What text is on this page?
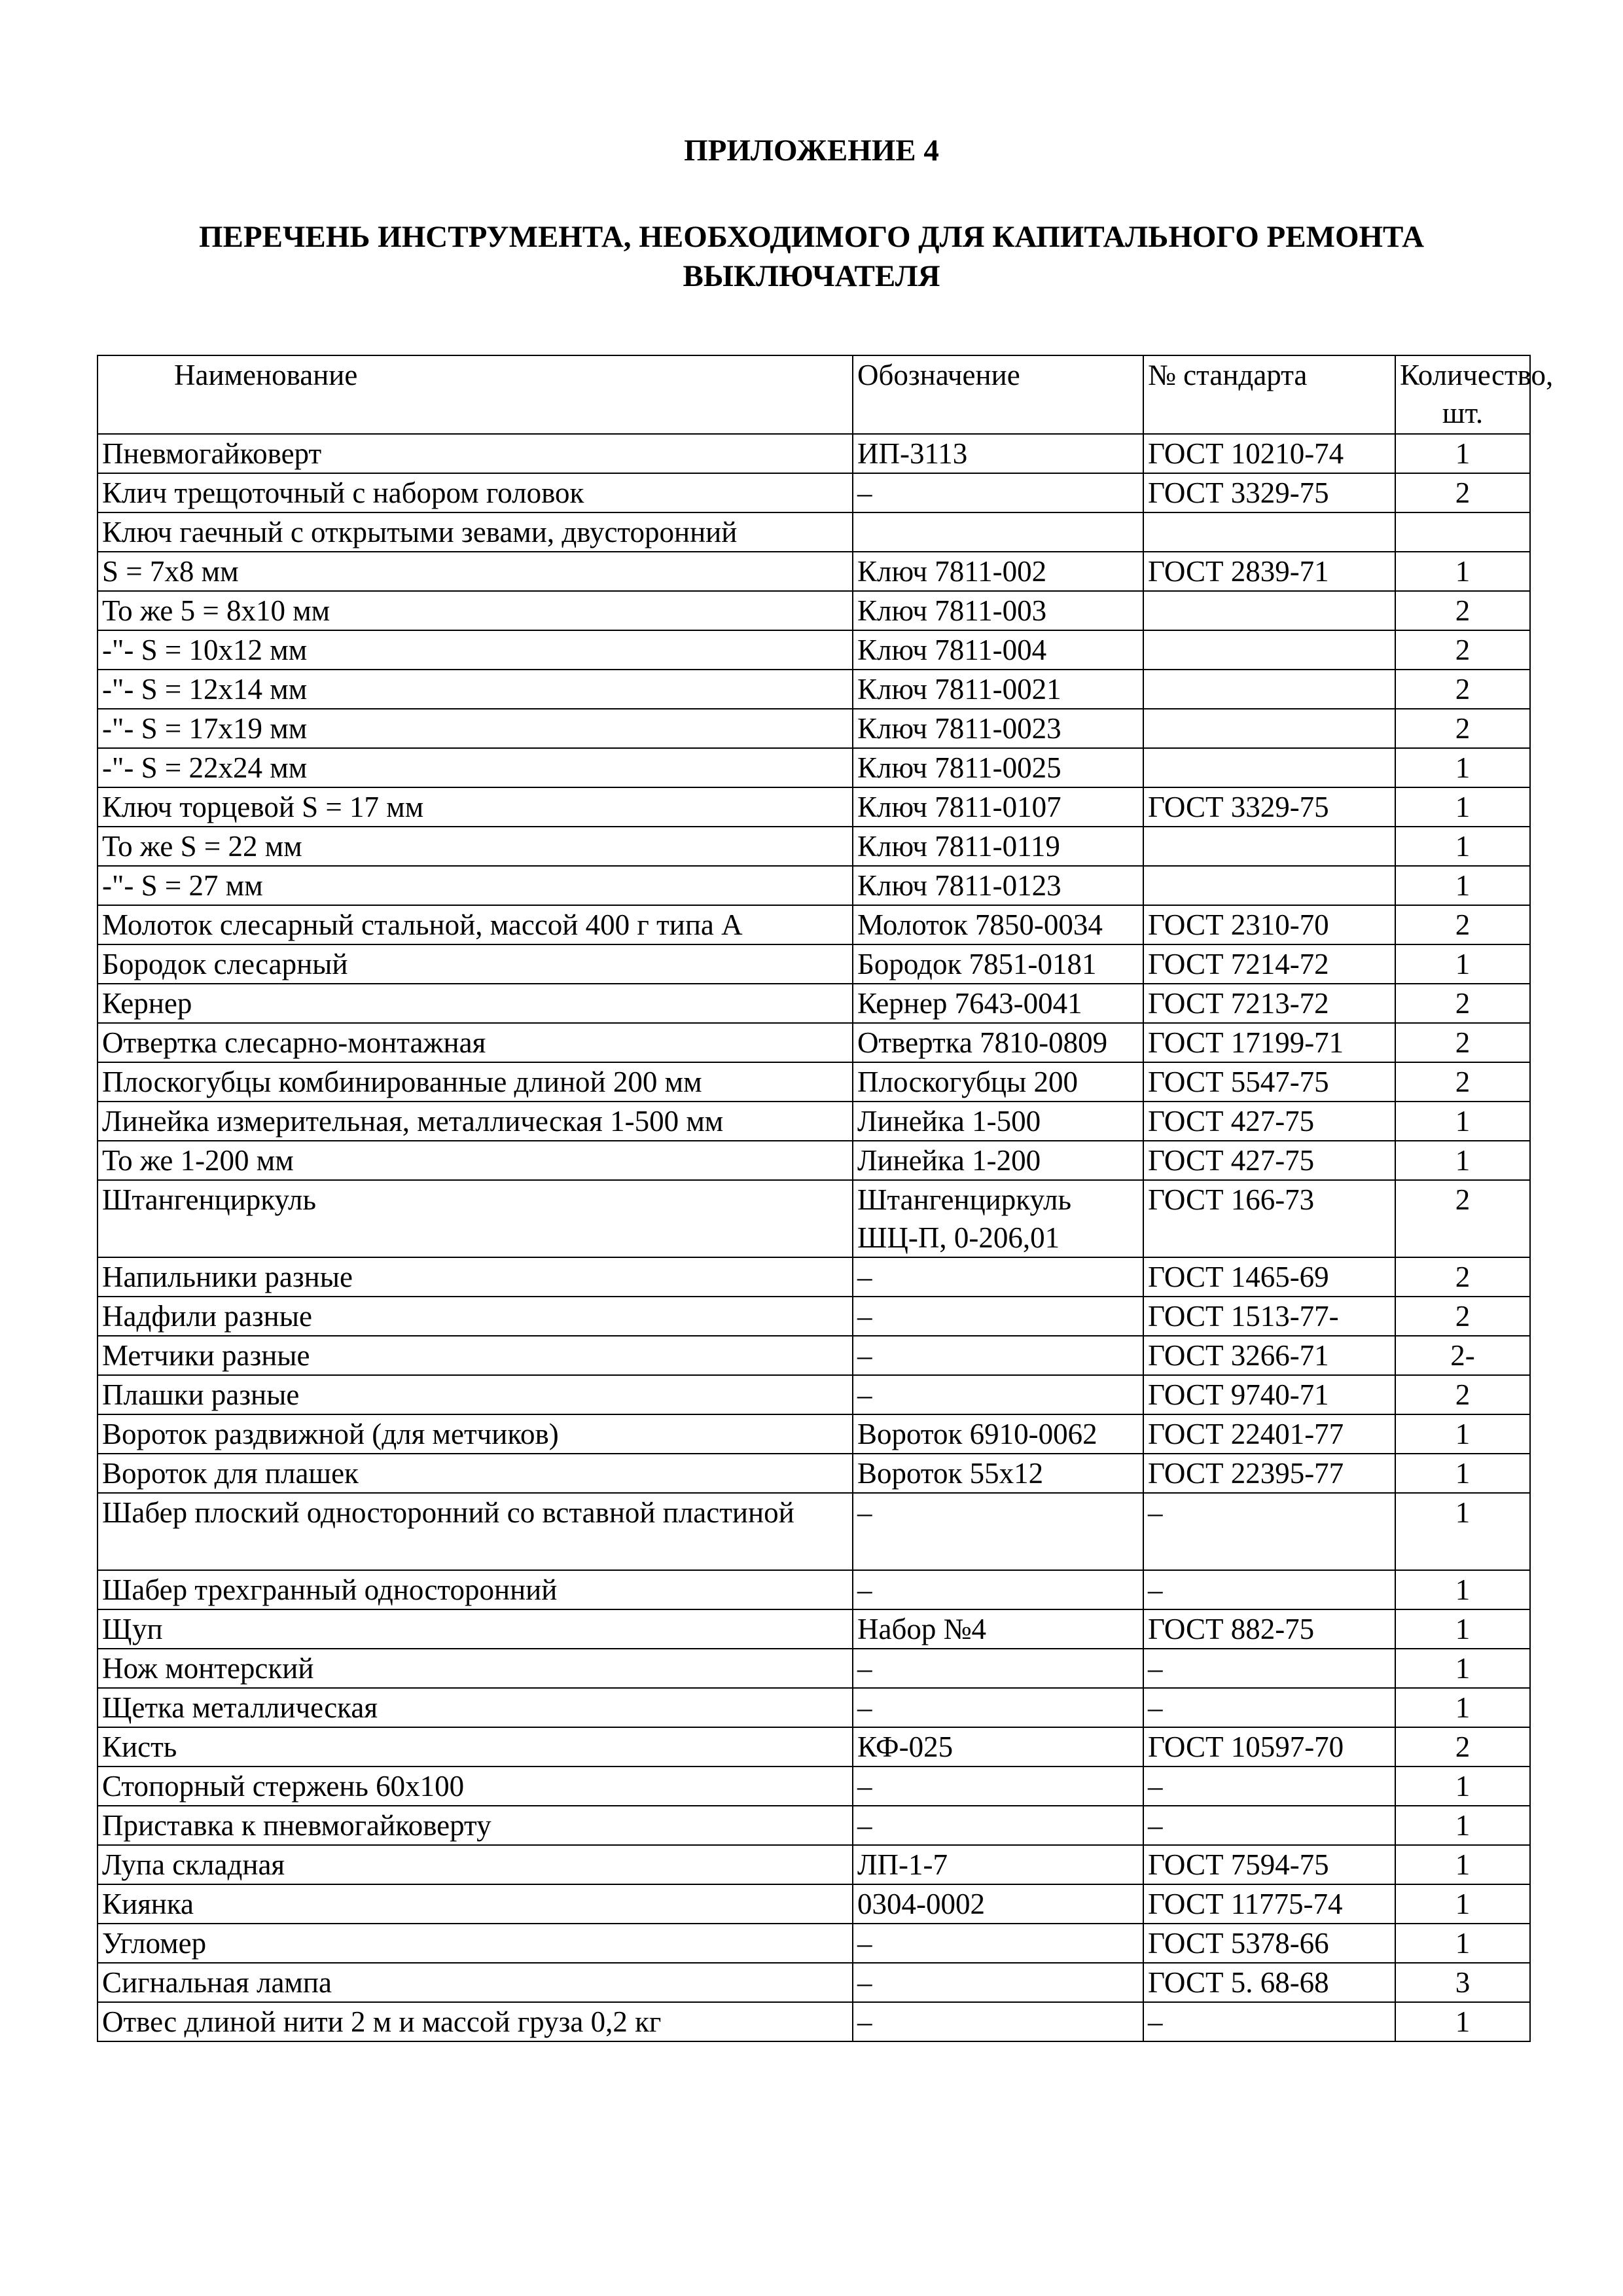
ПРИЛОЖЕНИЕ 4
ПЕРЕЧЕНЬ ИНСТРУМЕНТА, НЕОБХОДИМОГО ДЛЯ КАПИТАЛЬНОГО РЕМОНТА ВЫКЛЮЧАТЕЛЯ
Наименование	Обозначение	№ стандарта	Количество, шт.
Пневмогайковерт	ИП-3113	ГОСТ 10210-74	1
Клич трещоточный с набором головок	–	ГОСТ 3329-75	2
Ключ гаечный с открытыми зевами, двусторонний			
S = 7x8 мм	Ключ 7811-002	ГОСТ 2839-71	1
То же 5 = 8x10 мм	Ключ 7811-003		2
-"- S = 10x12 мм	Ключ 7811-004		2
-"- S = 12x14 мм	Ключ 7811-0021		2
-"- S = 17x19 мм	Ключ 7811-0023		2
-"- S = 22x24 мм	Ключ 7811-0025		1
Ключ торцевой S = 17 мм	Ключ 7811-0107	ГОСТ 3329-75	1
То же S = 22 мм	Ключ 7811-0119		1
-"- S = 27 мм	Ключ 7811-0123		1
Молоток слесарный стальной, массой 400 г типа А	Молоток 7850-0034	ГОСТ 2310-70	2
Бородок слесарный	Бородок 7851-0181	ГОСТ 7214-72	1
Кернер	Кернер 7643-0041	ГОСТ 7213-72	2
Отвертка слесарно-монтажная	Отвертка 7810-0809	ГОСТ 17199-71	2
Плоскогубцы комбинированные длиной 200 мм	Плоскогубцы 200	ГОСТ 5547-75	2
Линейка измерительная, металлическая 1-500 мм	Линейка 1-500	ГОСТ 427-75	1
То же 1-200 мм	Линейка 1-200	ГОСТ 427-75	1
Штангенциркуль	Штангенциркуль ШЦ-П, 0-206,01	ГОСТ 166-73	2
Напильники разные	–	ГОСТ 1465-69	2
Надфили разные	–	ГОСТ 1513-77-	2
Метчики разные	–	ГОСТ 3266-71	2-
Плашки разные	–	ГОСТ 9740-71	2
Вороток раздвижной (для метчиков)	Вороток 6910-0062	ГОСТ 22401-77	1
Вороток для плашек	Вороток 55x12	ГОСТ 22395-77	1
Шабер плоский односторонний со вставной пластиной	–	–	1
Шабер трехгранный односторонний	–	–	1
Щуп	Набор №4	ГОСТ 882-75	1
Нож монтерский	–	–	1
Щетка металлическая	–	–	1
Кисть	КФ-025	ГОСТ 10597-70	2
Стопорный стержень 60x100	–	–	1
Приставка к пневмогайковерту	–	–	1
Лупа складная	ЛП-1-7	ГОСТ 7594-75	1
Киянка	0304-0002	ГОСТ 11775-74	1
Угломер	–	ГОСТ 5378-66	1
Сигнальная лампа	–	ГОСТ 5. 68-68	3
Отвес длиной нити 2 м и массой груза 0,2 кг	–	–	1
